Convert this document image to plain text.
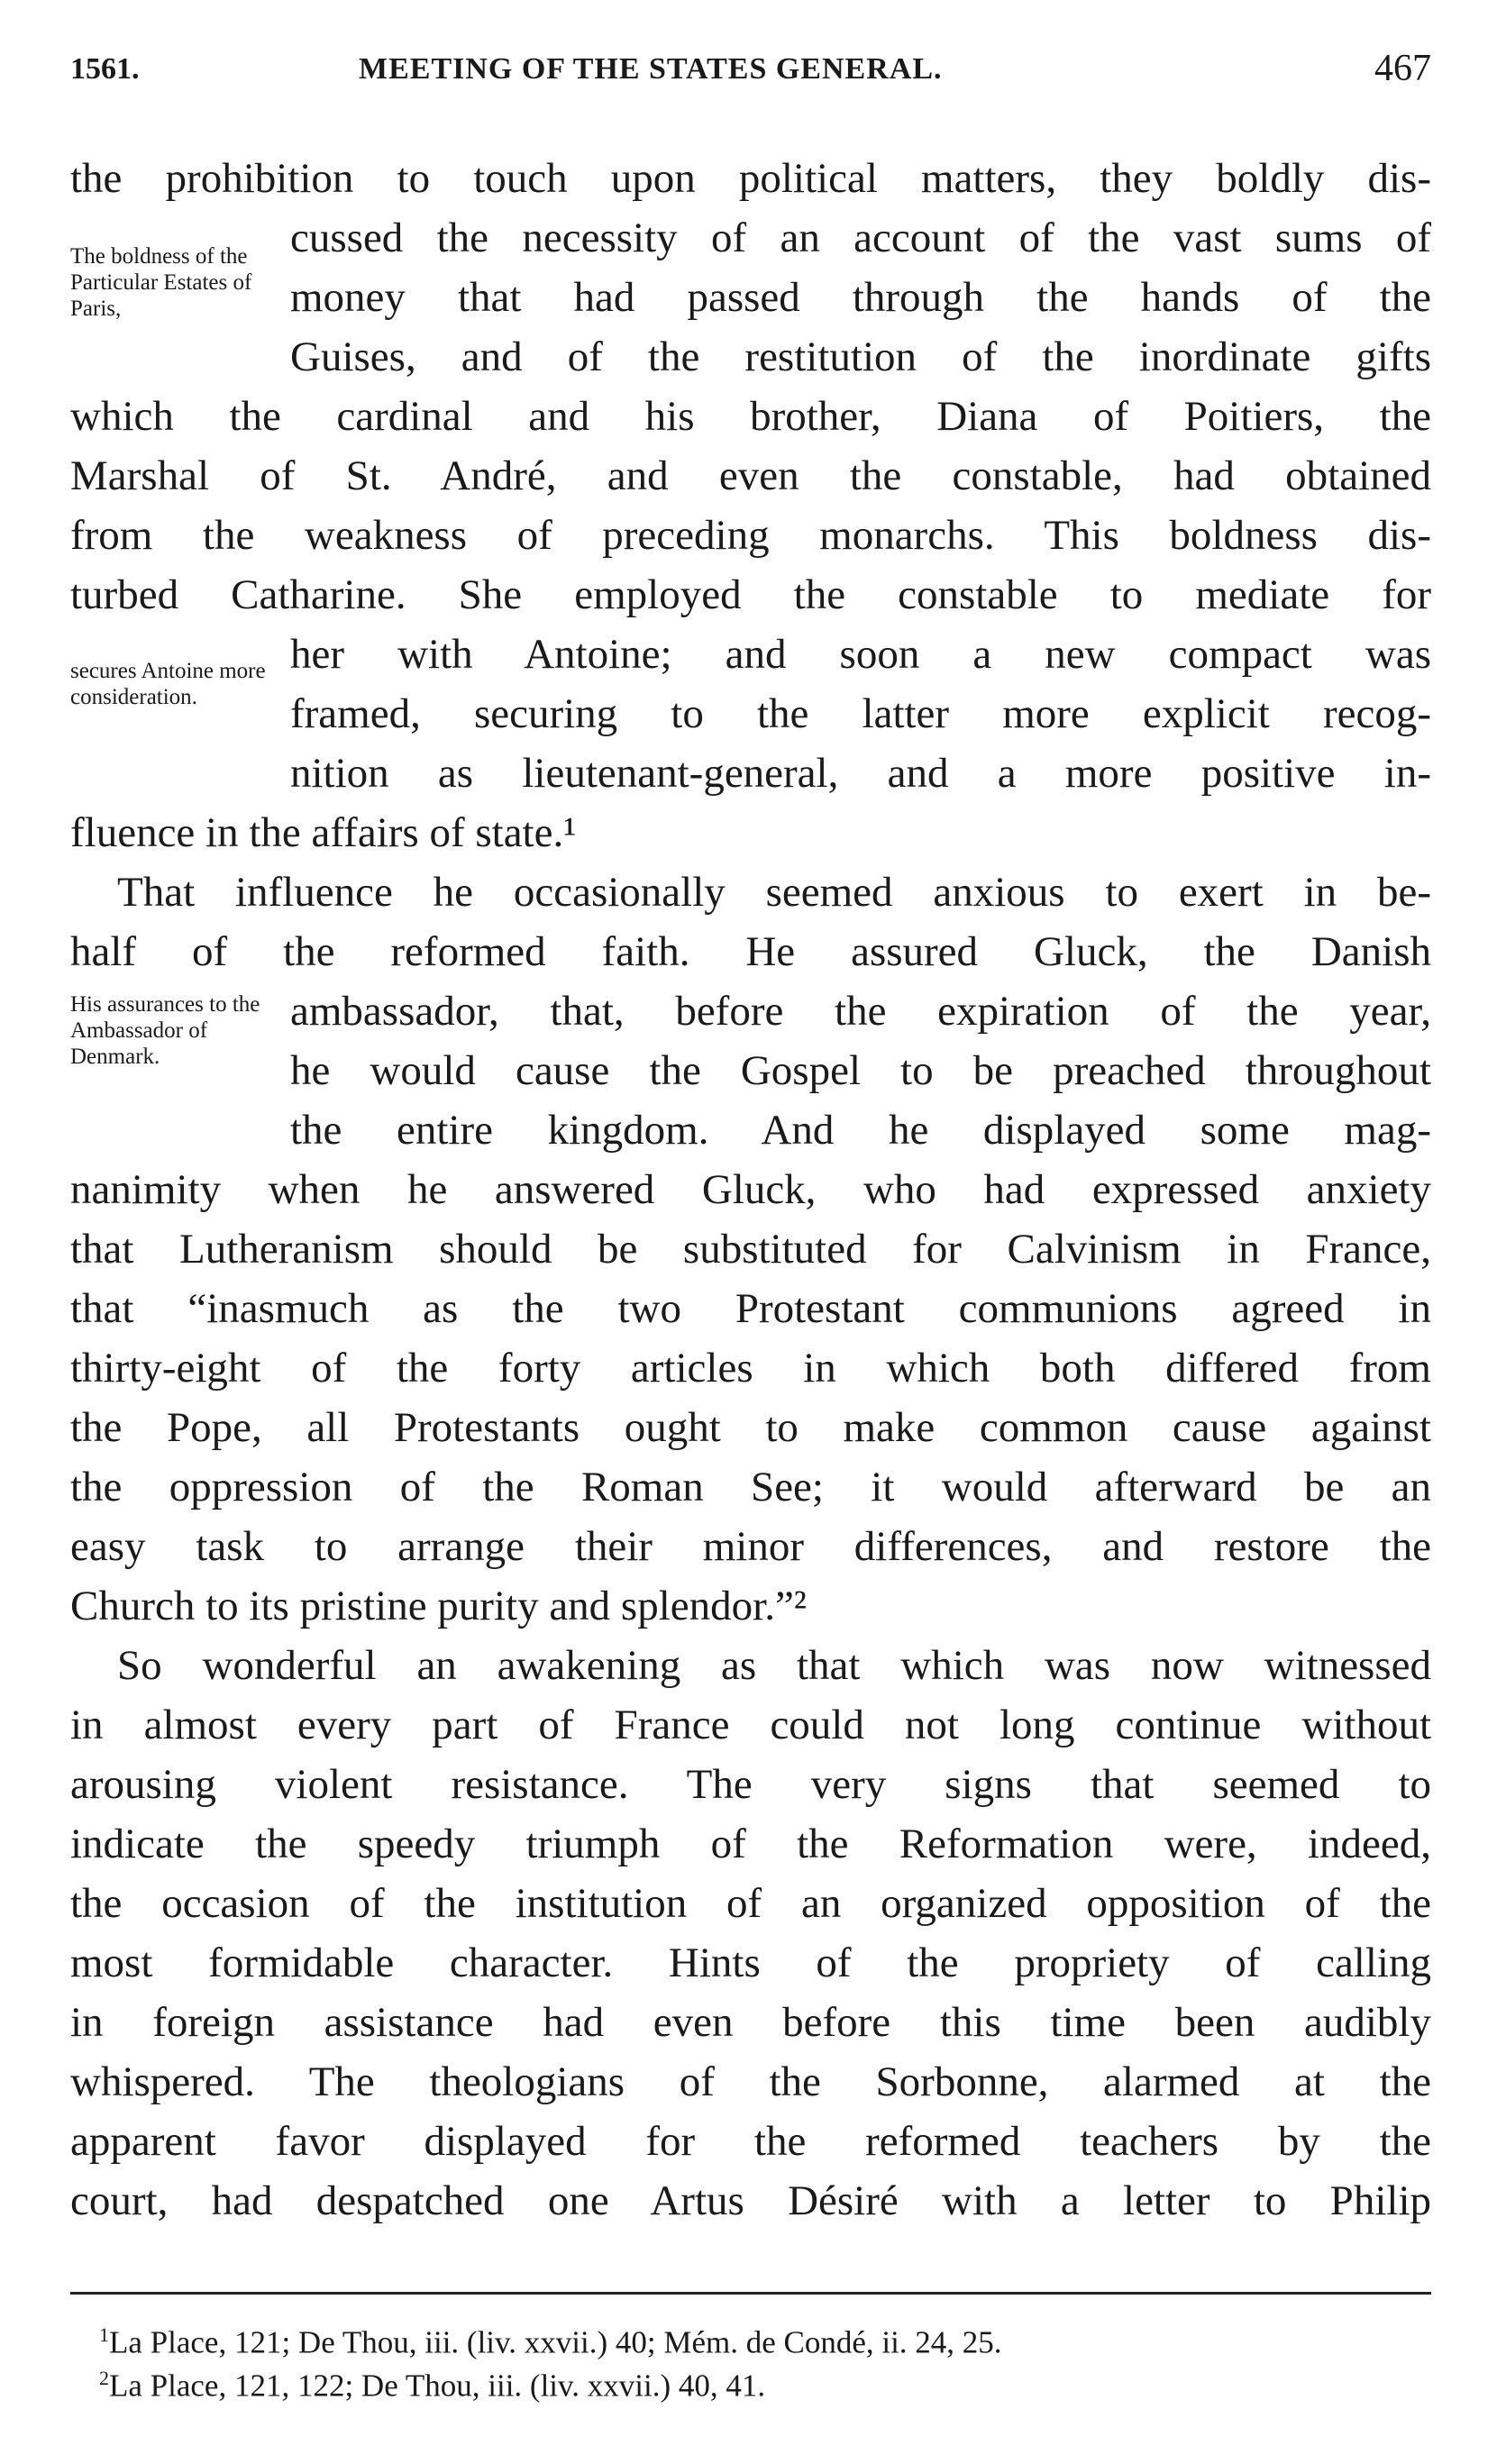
1561.	MEETING OF THE STATES GENERAL.	467
The boldness of the Particular Estates of Paris,
secures Antoine more consideration.
His assurances to the Ambassador of Denmark.
the prohibition to touch upon political matters, they boldly dis-
cussed the necessity of an account of the vast sums of
money that had passed through the hands of the
Guises, and of the restitution of the inordinate gifts
which the cardinal and his brother, Diana of Poitiers, the
Marshal of St. André, and even the constable, had obtained
from the weakness of preceding monarchs. This boldness dis-
turbed Catharine. She employed the constable to mediate for
her with Antoine; and soon a new compact was
framed, securing to the latter more explicit recog-
nition as lieutenant-general, and a more positive in-
fluence in the affairs of state.¹
That influence he occasionally seemed anxious to exert in be-
half of the reformed faith. He assured Gluck, the Danish
ambassador, that, before the expiration of the year,
he would cause the Gospel to be preached throughout
the entire kingdom. And he displayed some mag-
nanimity when he answered Gluck, who had expressed anxiety
that Lutheranism should be substituted for Calvinism in France,
that “inasmuch as the two Protestant communions agreed in
thirty-eight of the forty articles in which both differed from
the Pope, all Protestants ought to make common cause against
the oppression of the Roman See; it would afterward be an
easy task to arrange their minor differences, and restore the
Church to its pristine purity and splendor.”²
So wonderful an awakening as that which was now witnessed
in almost every part of France could not long continue without
arousing violent resistance. The very signs that seemed to
indicate the speedy triumph of the Reformation were, indeed,
the occasion of the institution of an organized opposition of the
most formidable character. Hints of the propriety of calling
in foreign assistance had even before this time been audibly
whispered. The theologians of the Sorbonne, alarmed at the
apparent favor displayed for the reformed teachers by the
court, had despatched one Artus Désiré with a letter to Philip
$^1$La Place, 121; De Thou, iii. (liv. xxvii.) 40; Mém. de Condé, ii. 24, 25.
$^2$La Place, 121, 122; De Thou, iii. (liv. xxvii.) 40, 41.
